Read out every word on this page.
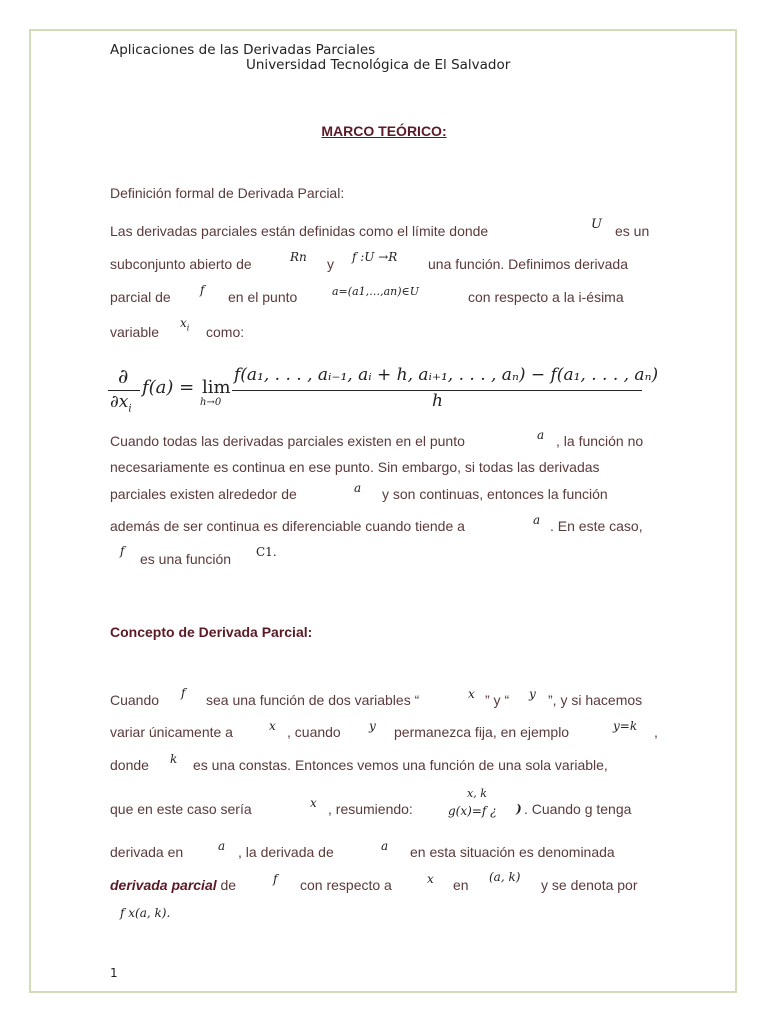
Aplicaciones de las Derivadas Parciales
Universidad Tecnológica de El Salvador
MARCO TEÓRICO:
Definición formal de Derivada Parcial:
Las derivadas parciales están definidas como el límite donde	U es un
subconjunto abierto de	Rn y f :U →R una función. Definimos derivada
parcial de f en el punto	a=(a1,…,an)∈U	con respecto a la i-ésima
variable
$x_i$ como:
∂
$\partial x_i$
f(a) = lim
h→0
f(a₁, . . . , aᵢ₋₁, aᵢ + h, aᵢ₊₁, . . . , aₙ) − f(a₁, . . . , aₙ)
h
Cuando todas las derivadas parciales existen en el punto	a , la función no
necesariamente es continua en ese punto. Sin embargo, si todas las derivadas
parciales existen alrededor de	a y son continuas, entonces la función
además de ser continua es diferenciable cuando tiende a	a . En este caso,
f es una función C1.
Concepto de Derivada Parcial:
Cuando f sea una función de dos variables “	x ” y “ y ”, y si hacemos
variar únicamente a	x , cuando y permanezca fija, en ejemplo	y=k ,
donde k es una constas. Entonces vemos una función de una sola variable,
que en este caso sería	x , resumiendo:
x, k
g(x)=f ¿ ) . Cuando g tenga
derivada en	a , la derivada de	a en esta situación es denominada
derivada parcial de	f con respecto a	x en (a, k) y se denota por
f x(a, k).
1
